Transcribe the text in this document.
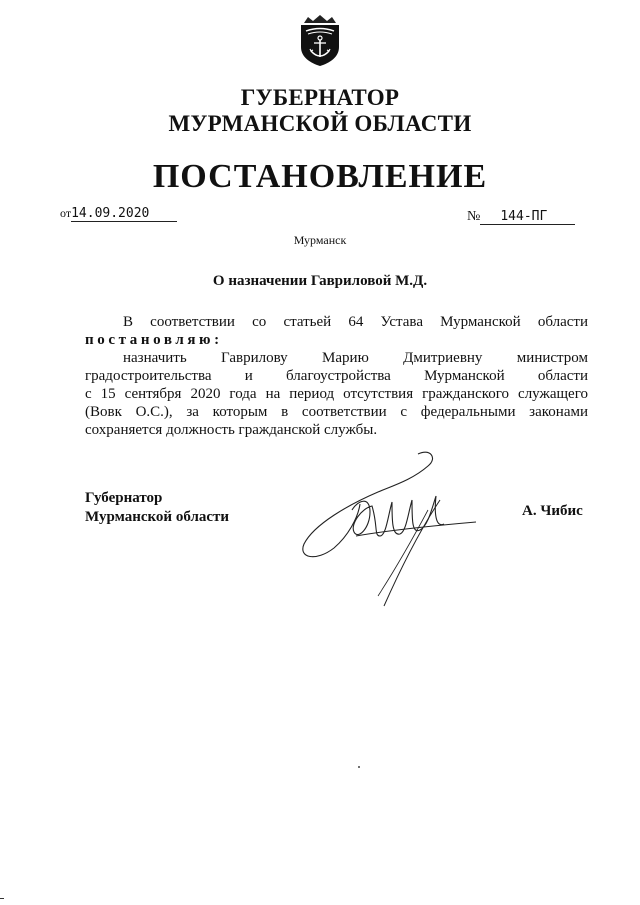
ГУБЕРНАТОР
МУРМАНСКОЙ ОБЛАСТИ
ПОСТАНОВЛЕНИЕ
от14.09.2020	№ 144-ПГ
Мурманск
О назначении Гавриловой М.Д.
В соответствии со статьей 64 Устава Мурманской области
постановляю:
назначить Гаврилову Марию Дмитриевну министром
градостроительства и благоустройства Мурманской области
с 15 сентября 2020 года на период отсутствия гражданского служащего
(Вовк О.С.), за которым в соответствии с федеральными законами
сохраняется должность гражданской службы.
Губернатор
Мурманской области	А. Чибис
